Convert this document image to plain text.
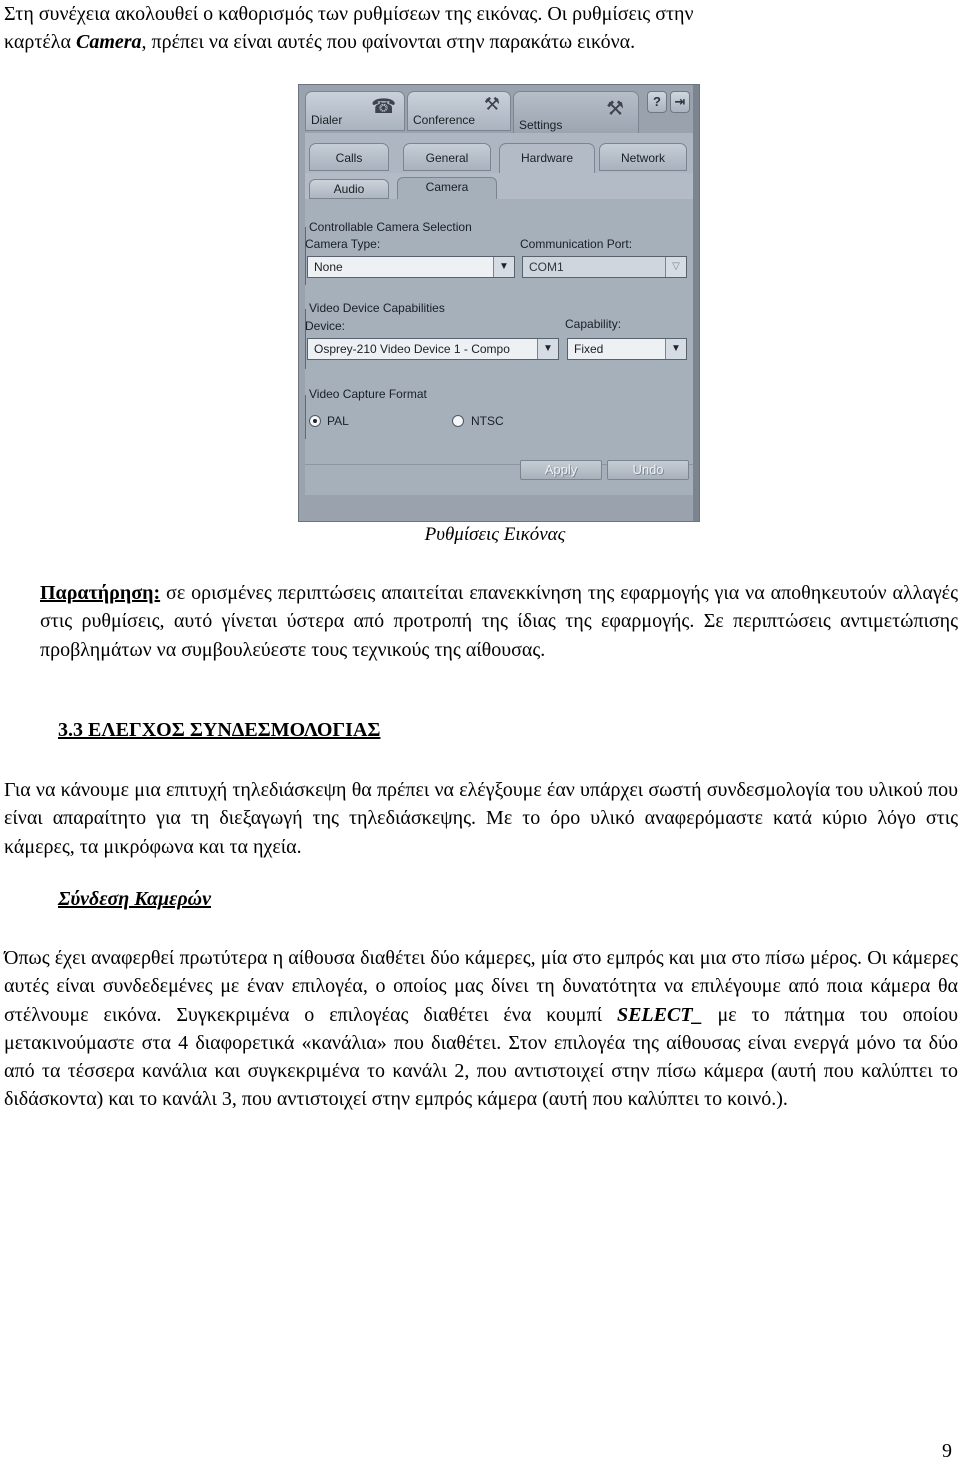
Στη συνέχεια ακολουθεί ο καθορισμός των ρυθμίσεων της εικόνας. Οι ρυθμίσεις στην
καρτέλα Camera, πρέπει να είναι αυτές που φαίνονται στην παρακάτω εικόνα.
☎
Dialer
⚒
Conference	⚒
Settings
?	⇥
Calls	General	Hardware	Network
Audio	Camera
Controllable Camera Selection
Camera Type:
None	▼
Communication Port:
COM1	▽
Video Device Capabilities
Device:
Osprey-210 Video Device 1 - Compo	▼
Capability:
Fixed	▼
Video Capture Format
PAL	NTSC
Apply	Undo
Ρυθμίσεις Εικόνας
Παρατήρηση: σε ορισμένες περιπτώσεις απαιτείται επανεκκίνηση της εφαρμογής για να αποθηκευτούν αλλαγές στις ρυθμίσεις, αυτό γίνεται ύστερα από προτροπή της ίδιας της εφαρμογής. Σε περιπτώσεις αντιμετώπισης προβλημάτων να συμβουλεύεστε τους τεχνικούς της αίθουσας.
3.3 ΕΛΕΓΧΟΣ ΣΥΝΔΕΣΜΟΛΟΓΙΑΣ
Για να κάνουμε μια επιτυχή τηλεδιάσκεψη θα πρέπει να ελέγξουμε έαν υπάρχει σωστή συνδεσμολογία του υλικού που είναι απαραίτητο για τη διεξαγωγή της τηλεδιάσκεψης. Με το όρο υλικό αναφερόμαστε κατά κύριο λόγο στις κάμερες, τα μικρόφωνα και τα ηχεία.
Σύνδεση Καμερών
Όπως έχει αναφερθεί πρωτύτερα η αίθουσα διαθέτει δύο κάμερες, μία στο εμπρός και μια στο πίσω μέρος. Οι κάμερες αυτές είναι συνδεδεμένες με έναν επιλογέα, ο οποίος μας δίνει τη δυνατότητα να επιλέγουμε από ποια κάμερα θα στέλνουμε εικόνα. Συγκεκριμένα ο επιλογέας διαθέτει ένα κουμπί SELECT_ με το πάτημα του οποίου μετακινούμαστε στα 4 διαφορετικά «κανάλια» που διαθέτει. Στον επιλογέα της αίθουσας είναι ενεργά μόνο τα δύο από τα τέσσερα κανάλια και συγκεκριμένα το κανάλι 2, που αντιστοιχεί στην πίσω κάμερα (αυτή που καλύπτει το διδάσκοντα) και το κανάλι 3, που αντιστοιχεί στην εμπρός κάμερα (αυτή που καλύπτει το κοινό.).
9
